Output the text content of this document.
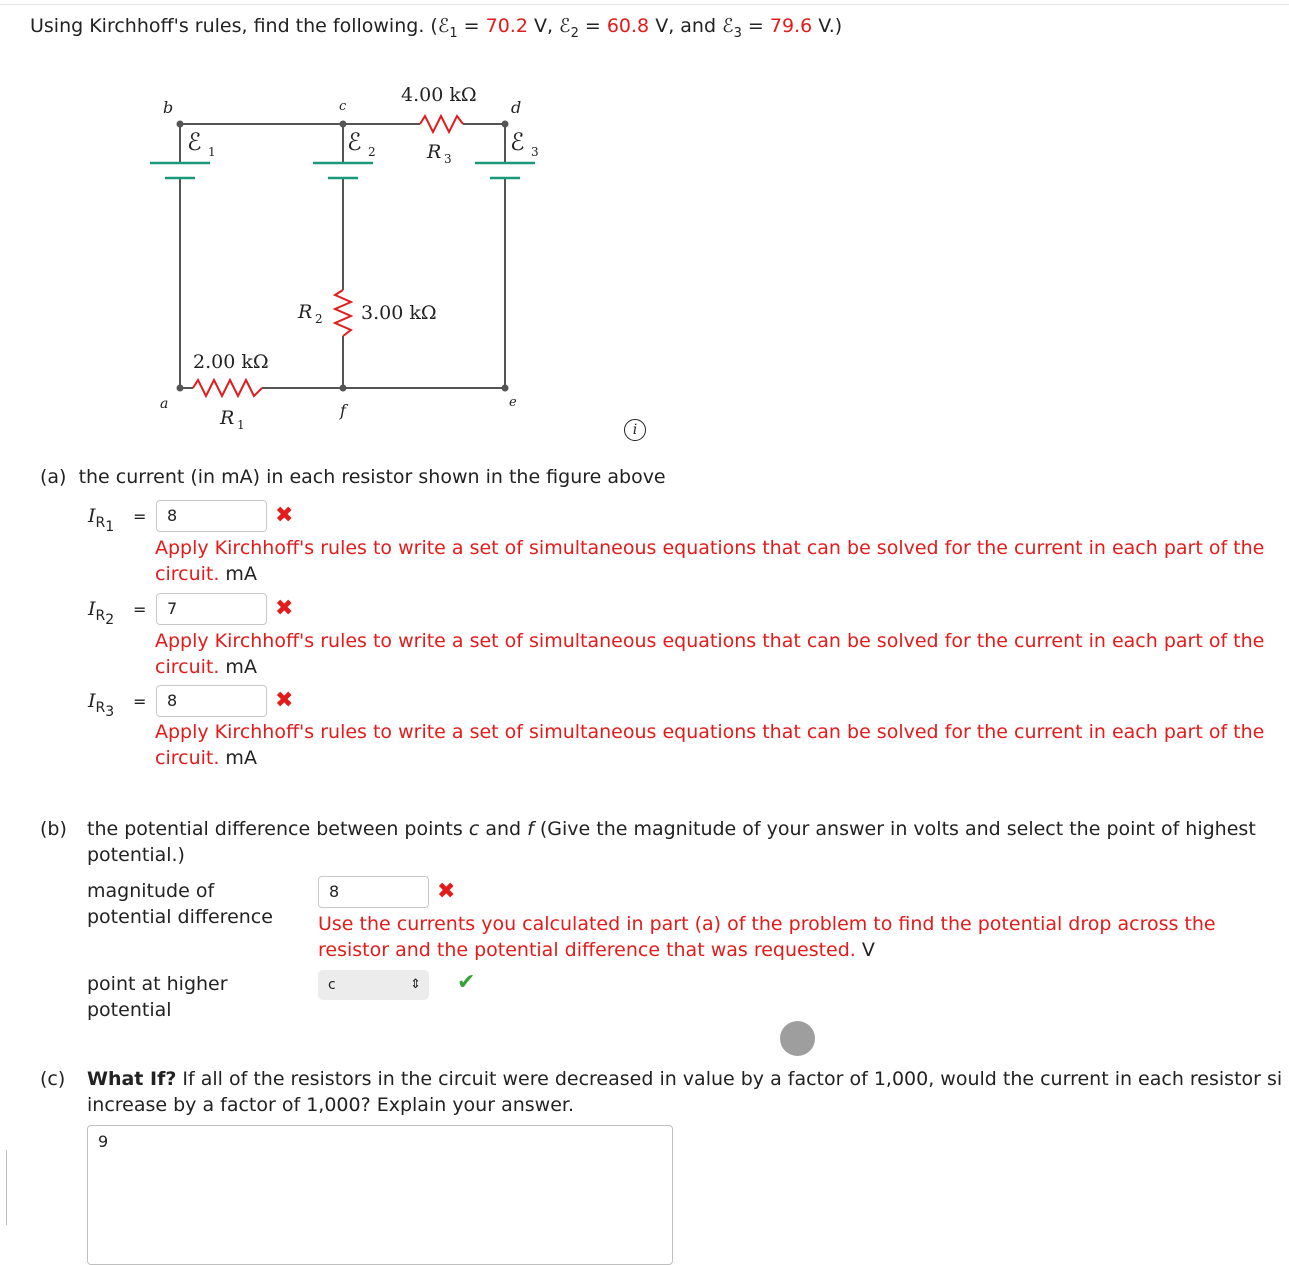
Using Kirchhoff's rules, find the following. (ℰ$_1$ = 70.2 V, ℰ$_2$ = 60.8 V, and ℰ$_3$ = 79.6 V.)
b	c	d
a	f	e
ℰ 1	ℰ 2	ℰ 3
4.00 kΩ
R 3
3.00 kΩ
R 2
2.00 kΩ
R 1	i
(a) the current (in mA) in each resistor shown in the figure above
$I_{R_1}$
=	8	✖
Apply Kirchhoff's rules to write a set of simultaneous equations that can be solved for the current in each part of the
circuit. mA
$I_{R_2}$
=	7	✖
Apply Kirchhoff's rules to write a set of simultaneous equations that can be solved for the current in each part of the
circuit. mA
$I_{R_3}$
=	8	✖
Apply Kirchhoff's rules to write a set of simultaneous equations that can be solved for the current in each part of the
circuit. mA
(b) the potential difference between points c and f (Give the magnitude of your answer in volts and select the point of highest
potential.)
magnitude of
potential difference
8	✖
Use the currents you calculated in part (a) of the problem to find the potential drop across the
resistor and the potential difference that was requested. V
point at higher
potential
c	⇕ ✔
(c) What If? If all of the resistors in the circuit were decreased in value by a factor of 1,000, would the current in each resistor si
increase by a factor of 1,000? Explain your answer.
9
